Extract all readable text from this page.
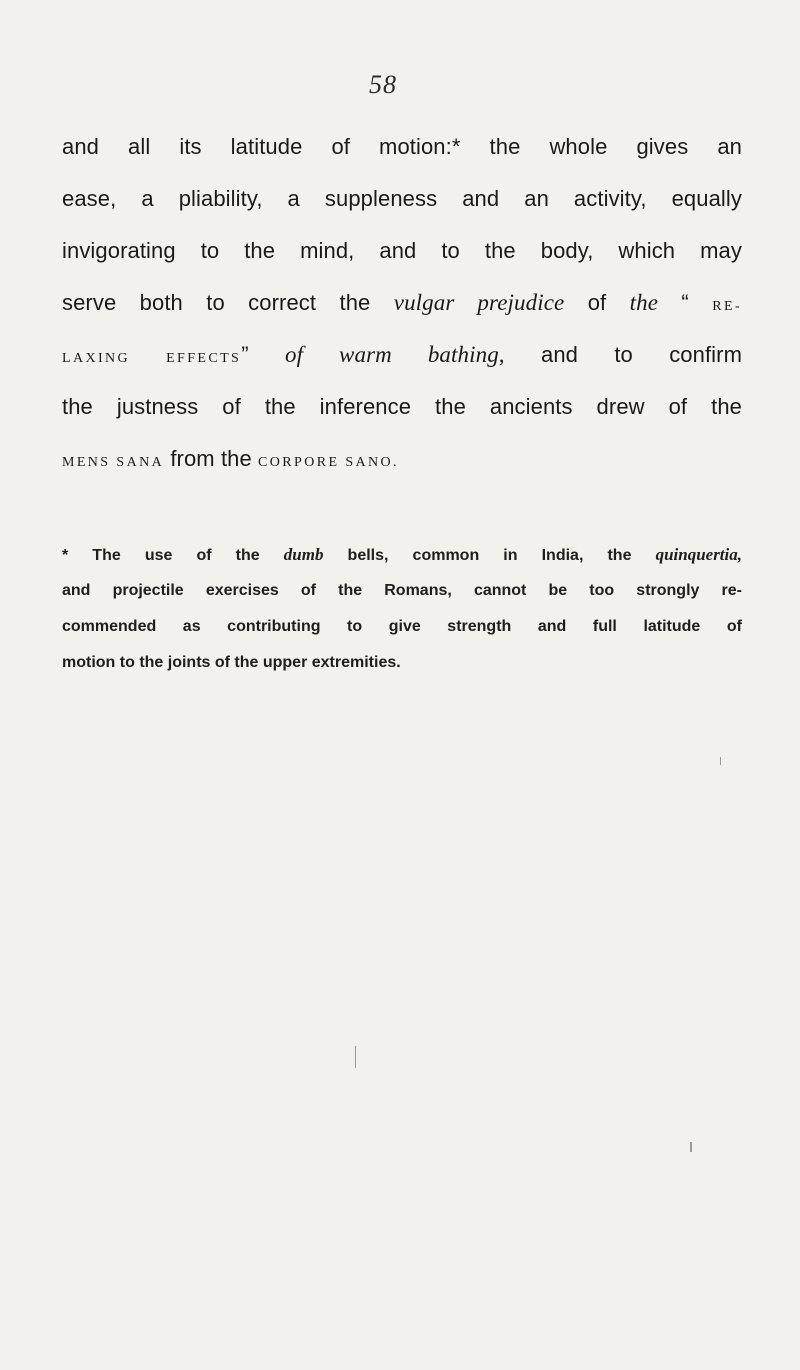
58
and all its latitude of motion:* the whole gives an
ease, a pliability, a suppleness and an activity, equally
invigorating to the mind, and to the body, which may
serve both to correct the vulgar prejudice of the “ RE-
LAXING EFFECTS” of warm bathing, and to confirm
the justness of the inference the ancients drew of the
MENS SANA from the CORPORE SANO.
* The use of the dumb bells, common in India, the quinquertia,
and projectile exercises of the Romans, cannot be too strongly re-
commended as contributing to give strength and full latitude of
motion to the joints of the upper extremities.
